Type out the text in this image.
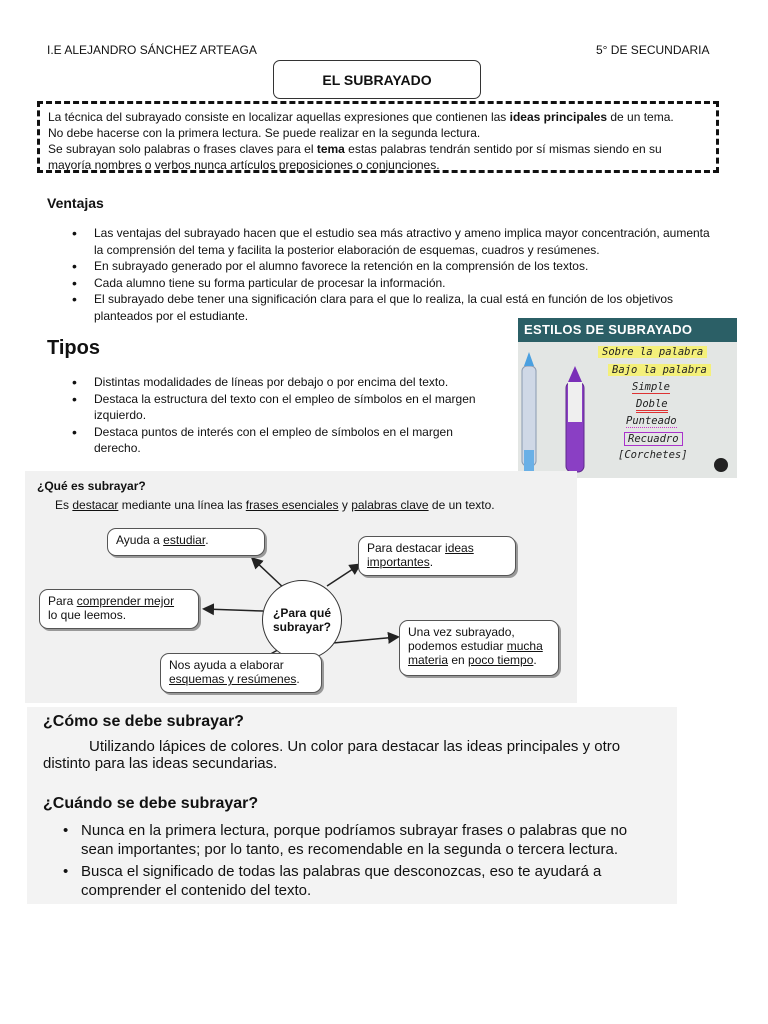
I.E ALEJANDRO SÁNCHEZ ARTEAGA	5° DE SECUNDARIA
EL SUBRAYADO

La técnica del subrayado consiste en localizar aquellas expresiones que contienen las ideas principales de un tema.

No debe hacerse con la primera lectura. Se puede realizar en la segunda lectura.

Se subrayan solo palabras o frases claves para el tema estas palabras tendrán sentido por sí mismas siendo en su

mayoría nombres o verbos nunca artículos preposiciones o conjunciones.

Ventajas
• Las ventajas del subrayado hacen que el estudio sea más atractivo y ameno implica mayor concentración, aumenta la comprensión del tema y facilita la posterior elaboración de esquemas, cuadros y resúmenes.
• En subrayado generado por el alumno favorece la retención en la comprensión de los textos.
• Cada alumno tiene su forma particular de procesar la información.
• El subrayado debe tener una significación clara para el que lo realiza, la cual está en función de los objetivos planteados por el estudiante.
Tipos
• Distintas modalidades de líneas por debajo o por encima del texto.
• Destaca la estructura del texto con el empleo de símbolos en el margen izquierdo.
• Destaca puntos de interés con el empleo de símbolos en el margen derecho.
ESTILOS DE SUBRAYADO
Sobre la palabra
Bajo la palabra
Simple
Doble
Punteado
Recuadro
[Corchetes]
¿Qué es subrayar?
Es destacar mediante una línea las frases esenciales y palabras clave de un texto.
¿Para qué subrayar?
Ayuda a estudiar.
Para destacar ideas
importantes.
Para comprender mejor
lo que leemos.
Nos ayuda a elaborar
esquemas y resúmenes.
Una vez subrayado,
podemos estudiar mucha
materia en poco tiempo.
¿Cómo se debe subrayar?
Utilizando lápices de colores. Un color para destacar las ideas principales y otro
distinto para las ideas secundarias.
¿Cuándo se debe subrayar?
• Nunca en la primera lectura, porque podríamos subrayar frases o palabras que no
sean importantes; por lo tanto, es recomendable en la segunda o tercera lectura.
• Busca el significado de todas las palabras que desconozcas, eso te ayudará a
comprender el contenido del texto.
